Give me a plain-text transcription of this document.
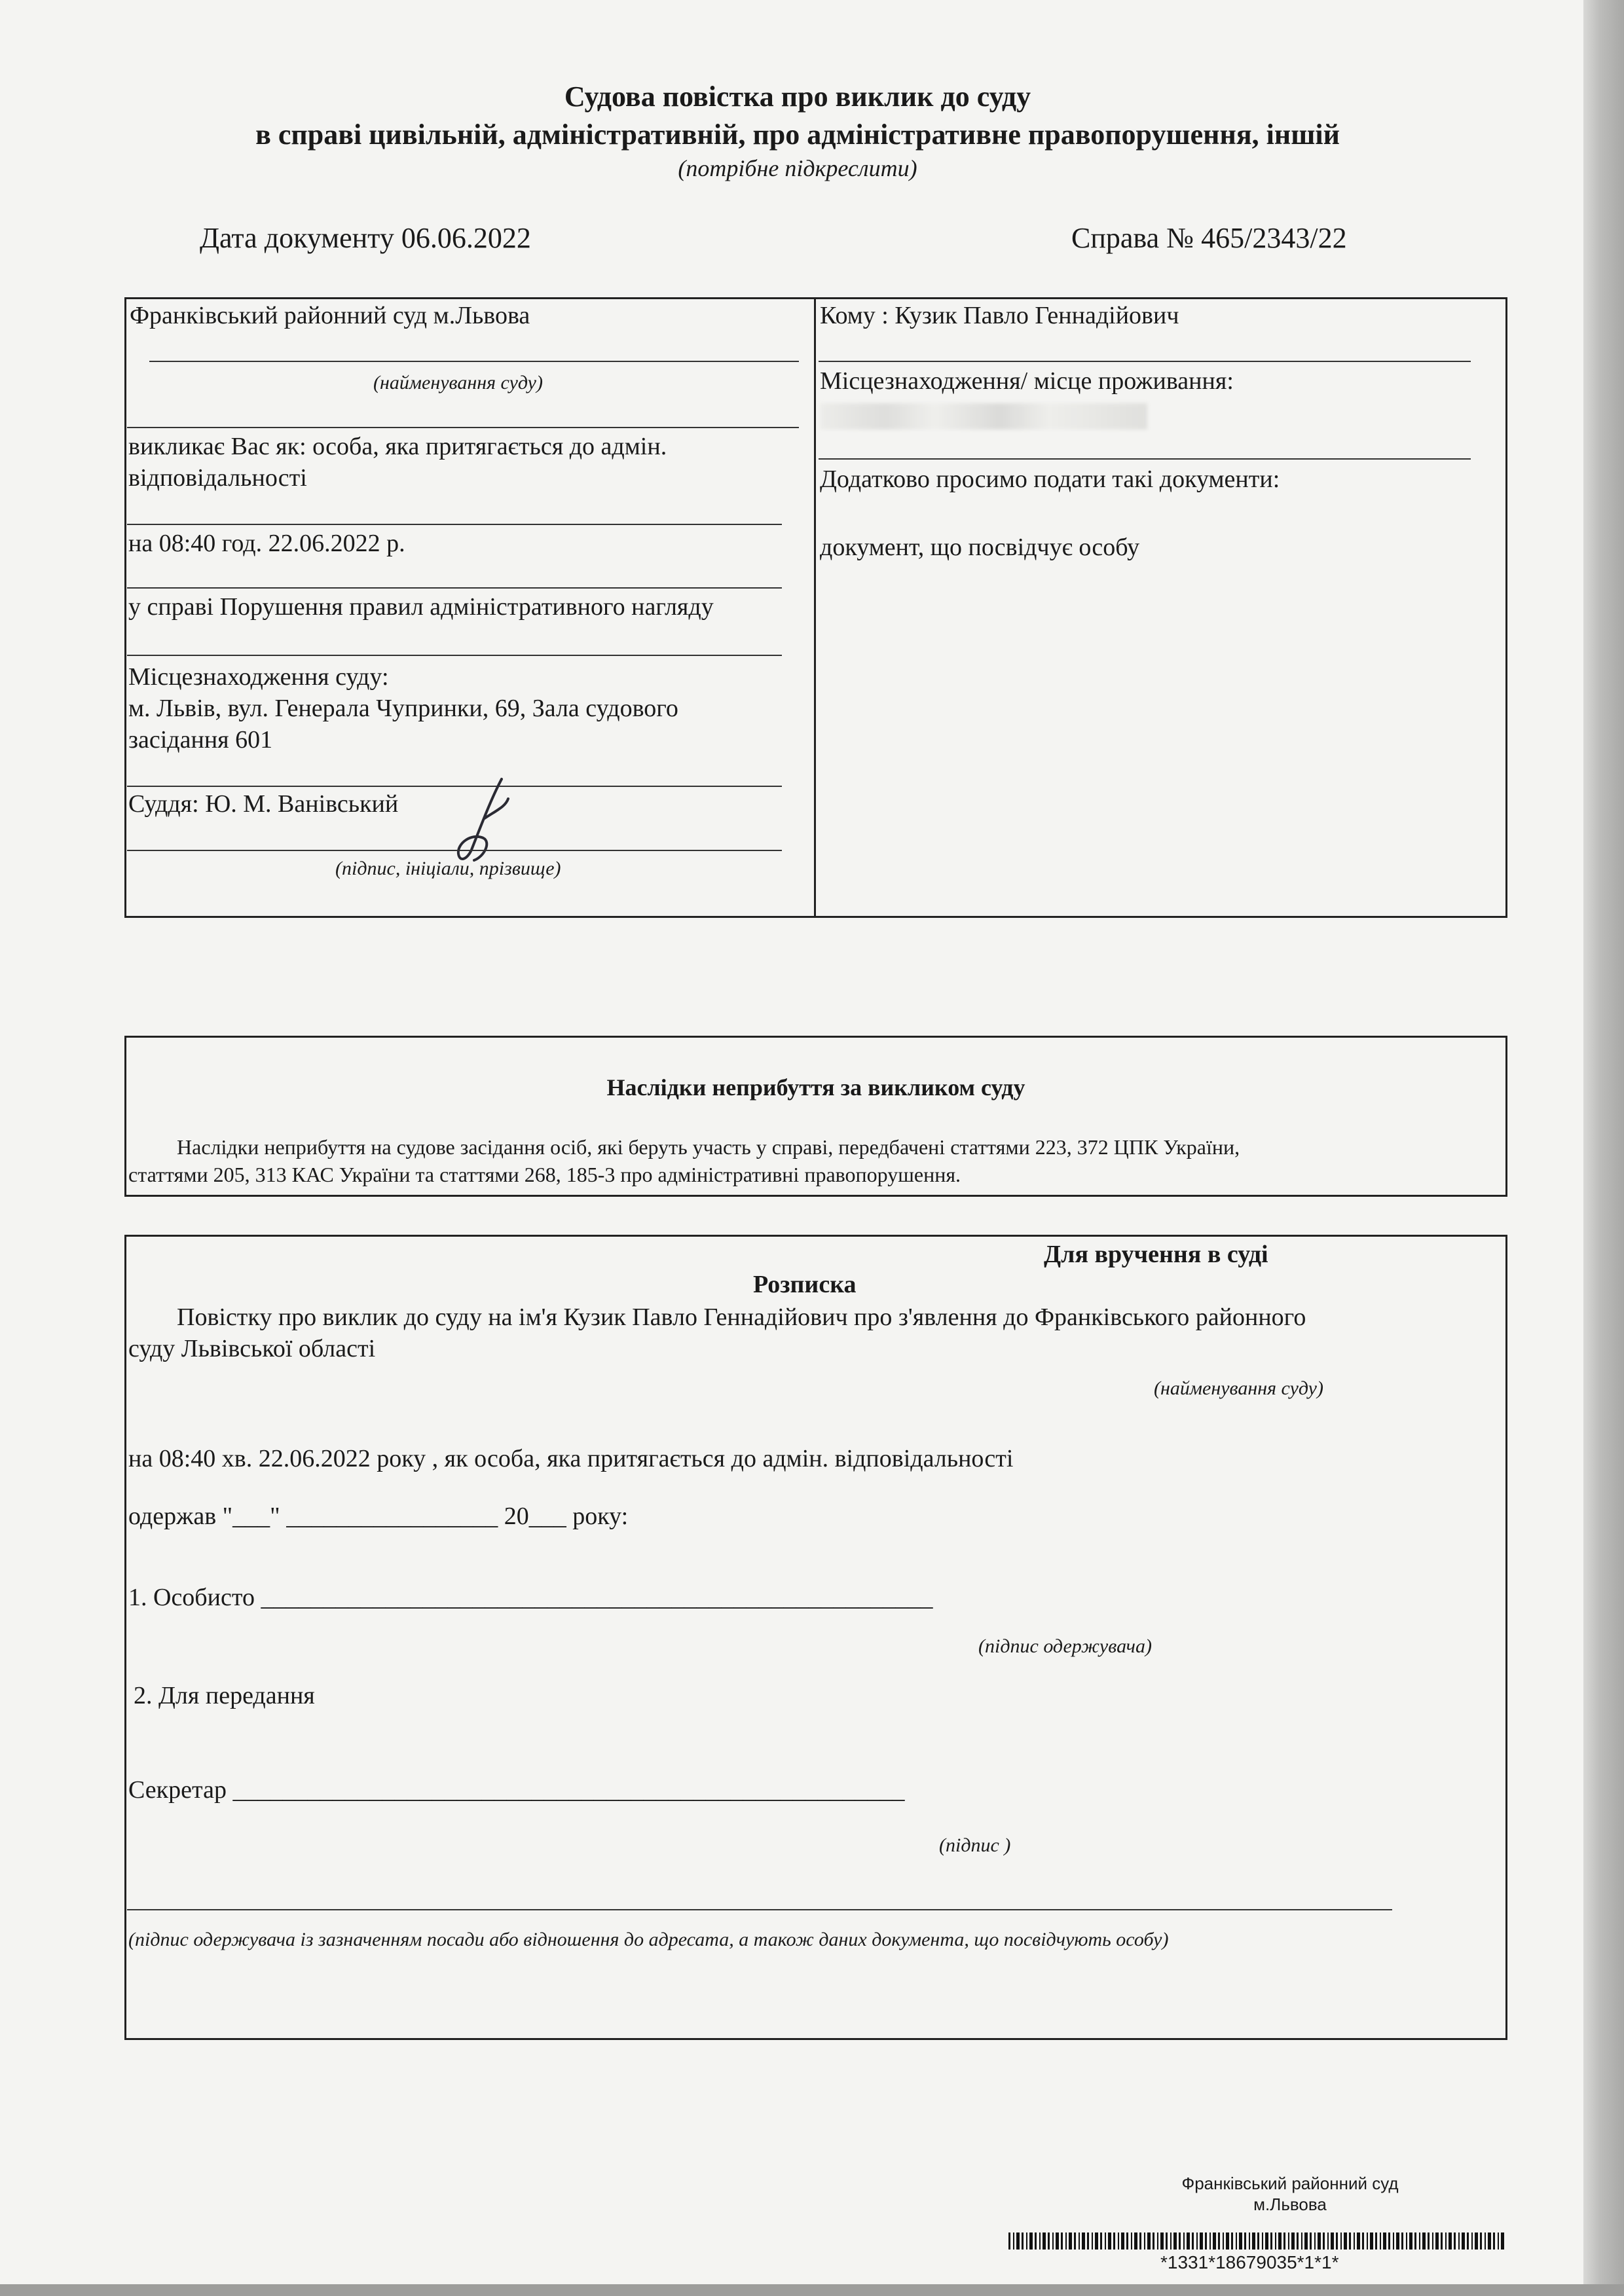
Судова повістка про виклик до суду
в справі цивільній, адміністративній, про адміністративне правопорушення, іншій
(потрібне підкреслити)
Дата документу 06.06.2022	Справа № 465/2343/22
Франківський районний суд м.Львова
(найменування суду)
викликає Вас як: особа, яка притягається до адмін.
відповідальності
на 08:40 год. 22.06.2022 р.
у справі Порушення правил адміністративного нагляду
Місцезнаходження суду:
м. Львів, вул. Генерала Чупринки, 69, Зала судового
засідання 601
Суддя: Ю. М. Ванівський
(підпис, ініціали, прізвище)
Кому : Кузик Павло Геннадійович
Місцезнаходження/ місце проживання:
Додатково просимо подати такі документи:
документ, що посвідчує особу
Наслідки неприбуття за викликом суду
Наслідки неприбуття на судове засідання осіб, які беруть участь у справі, передбачені статтями 223, 372 ЦПК України,
статтями 205, 313 КАС України та статтями 268, 185-3 про адміністративні правопорушення.
Для вручення в суді
Розписка
Повістку про виклик до суду на ім'я Кузик Павло Геннадійович про з'явлення до Франківського районного
суду Львівської області
(найменування суду)
на 08:40 хв. 22.06.2022 року , як особа, яка притягається до адмін. відповідальності
одержав "___" _________________ 20___ року:
1. Особисто ______________________________________________________
(підпис одержувача)
2. Для передання
Секретар ______________________________________________________
(підпис )
(підпис одержувача із зазначенням посади або відношення до адресата, а також даних документа, що посвідчують особу)
Франківський районний суд
м.Львова
*1331*18679035*1*1*
